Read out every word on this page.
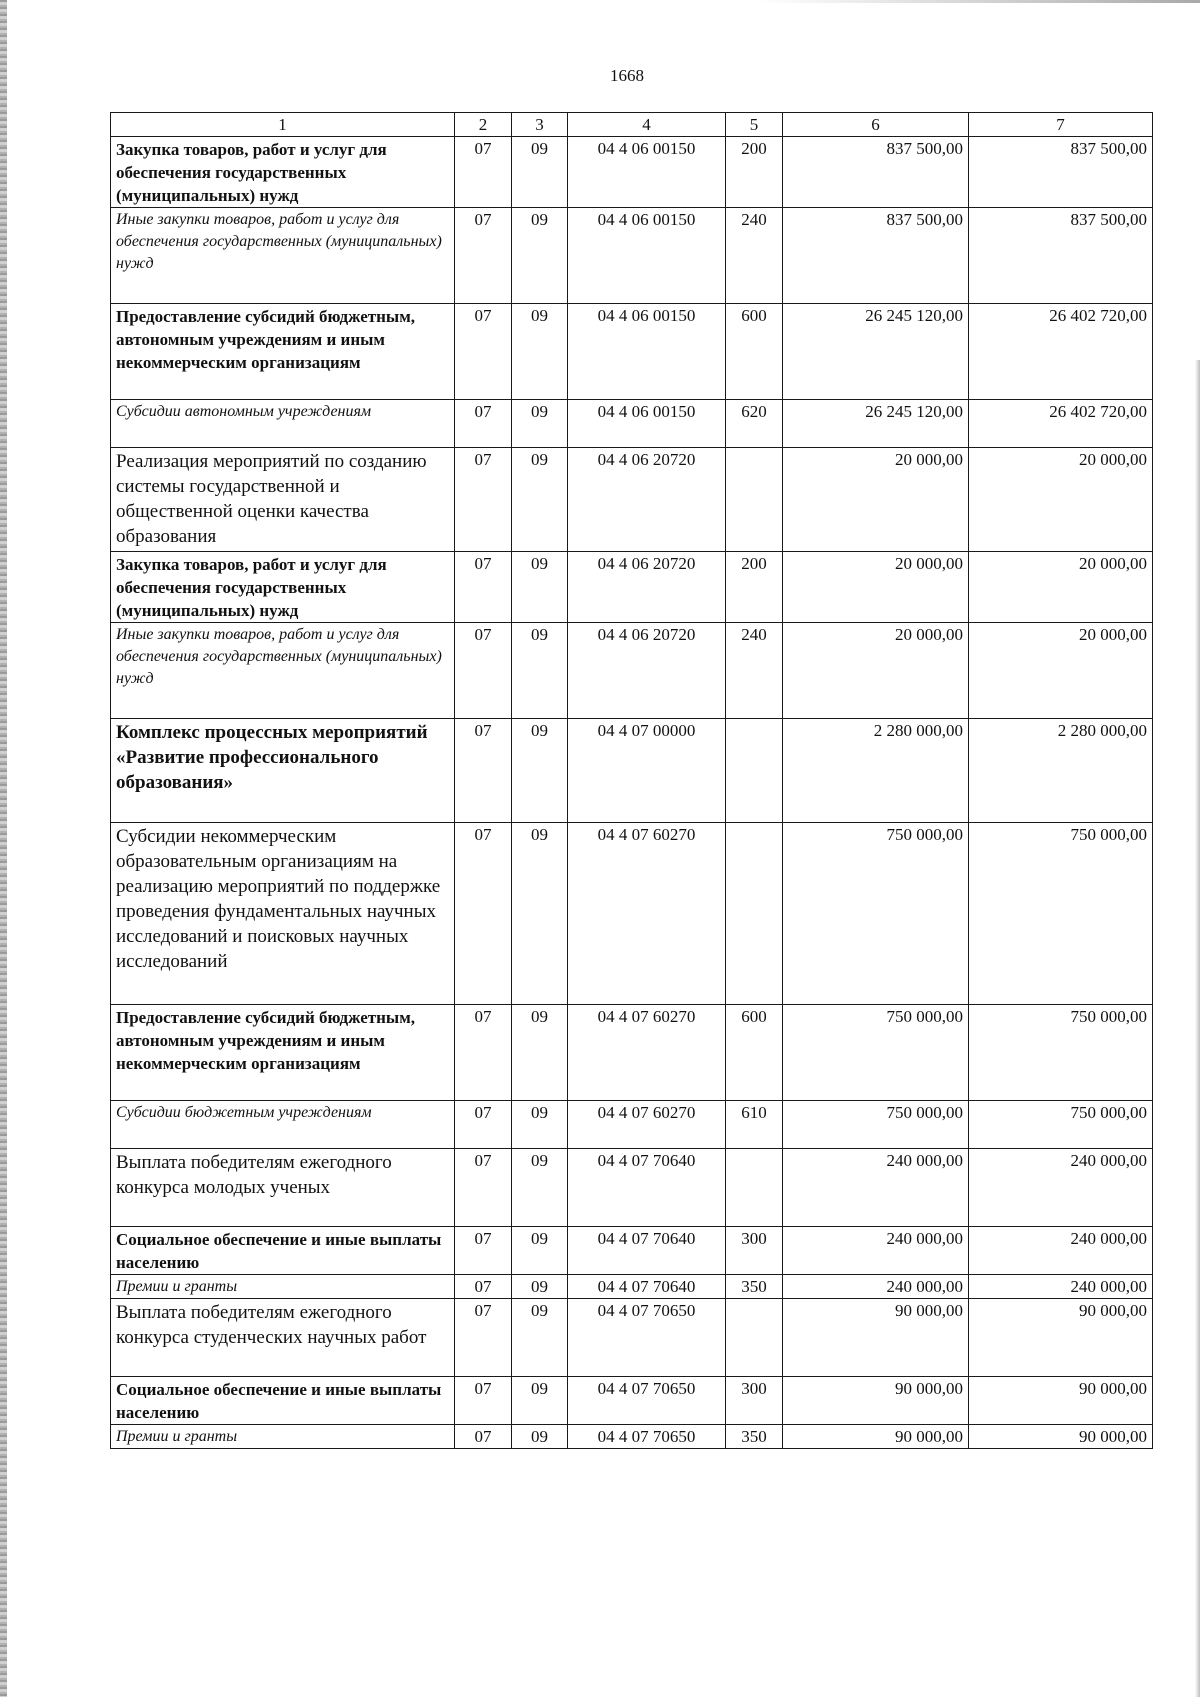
1668
1	2	3	4	5	6	7
Закупка товаров, работ и услуг для обеспечения государственных (муниципальных) нужд	07	09	04 4 06 00150	200	837 500,00	837 500,00
Иные закупки товаров, работ и услуг для обеспечения государственных (муниципальных) нужд	07	09	04 4 06 00150	240	837 500,00	837 500,00
Предоставление субсидий бюджетным, автономным учреждениям и иным некоммерческим организациям	07	09	04 4 06 00150	600	26 245 120,00	26 402 720,00
Субсидии автономным учреждениям	07	09	04 4 06 00150	620	26 245 120,00	26 402 720,00
Реализация мероприятий по созданию системы государственной и общественной оценки качества образования	07	09	04 4 06 20720		20 000,00	20 000,00
Закупка товаров, работ и услуг для обеспечения государственных (муниципальных) нужд	07	09	04 4 06 20720	200	20 000,00	20 000,00
Иные закупки товаров, работ и услуг для обеспечения государственных (муниципальных) нужд	07	09	04 4 06 20720	240	20 000,00	20 000,00
Комплекс процессных мероприятий «Развитие профессионального образования»	07	09	04 4 07 00000		2 280 000,00	2 280 000,00
Субсидии некоммерческим образовательным организациям на реализацию мероприятий по поддержке проведения фундаментальных научных исследований и поисковых научных исследований	07	09	04 4 07 60270		750 000,00	750 000,00
Предоставление субсидий бюджетным, автономным учреждениям и иным некоммерческим организациям	07	09	04 4 07 60270	600	750 000,00	750 000,00
Субсидии бюджетным учреждениям	07	09	04 4 07 60270	610	750 000,00	750 000,00
Выплата победителям ежегодного конкурса молодых ученых	07	09	04 4 07 70640		240 000,00	240 000,00
Социальное обеспечение и иные выплаты населению	07	09	04 4 07 70640	300	240 000,00	240 000,00
Премии и гранты	07	09	04 4 07 70640	350	240 000,00	240 000,00
Выплата победителям ежегодного конкурса студенческих научных работ	07	09	04 4 07 70650		90 000,00	90 000,00
Социальное обеспечение и иные выплаты населению	07	09	04 4 07 70650	300	90 000,00	90 000,00
Премии и гранты	07	09	04 4 07 70650	350	90 000,00	90 000,00
